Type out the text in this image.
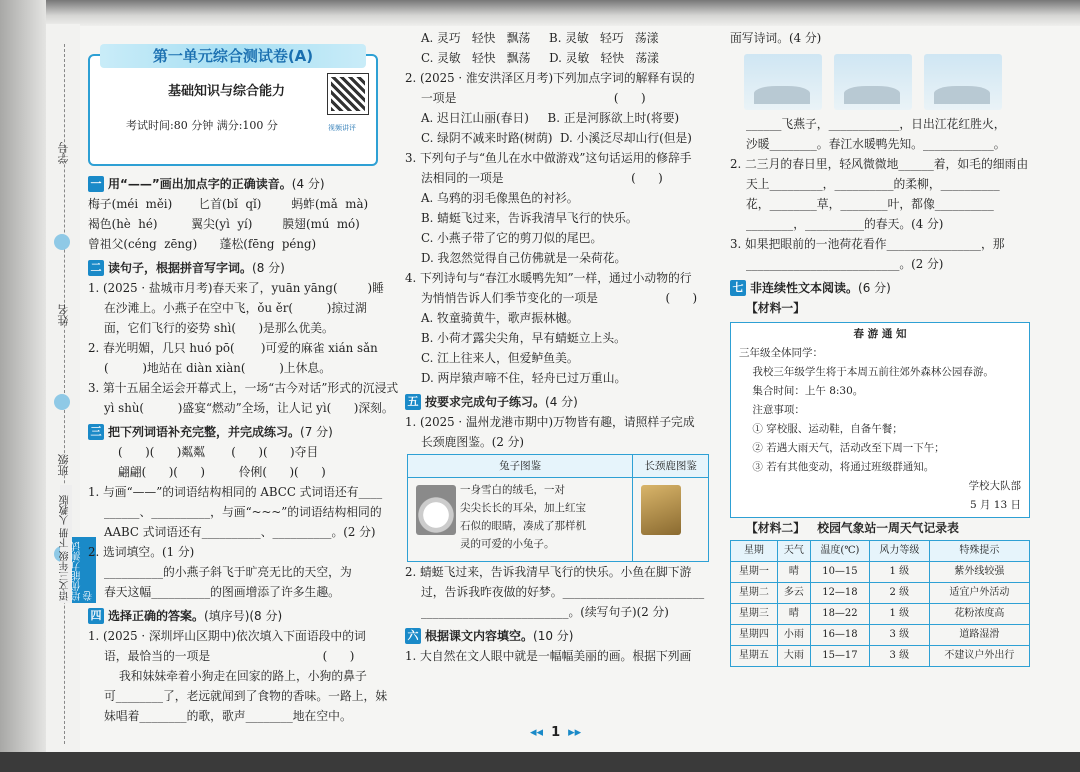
学号
姓名
班级
语文三年级 下册 人教版 培优能力测试卷
第一单元综合测试卷(A)
基础知识与综合能力
考试时间:80 分钟 满分:100 分	视频讲评
一 用“——”画出加点字的正确读音。 (4 分)
梅子(méi  měi)       匕首(bǐ  qǐ)        蚂蚱(mǎ  mà)
褐色(hè  hé)         翼尖(yì  yí)        膜翅(mú  mó)
曾祖父(céng  zēng)      蓬松(fēng  péng)
二 读句子，根据拼音写字词。 (8 分)
1. (2025 · 盐城市月考)春天来了，yuān yāng(        )睡
在沙滩上。小燕子在空中飞，ǒu ěr(         )掠过湖
面，它们飞行的姿势 shì(      )是那么优美。
2. 春光明媚，几只 huó pō(       )可爱的麻雀 xián sǎn
(         )地站在 diàn xiàn(         )上休息。
3. 第十五届全运会开幕式上，一场“古今对话”形式的沉浸式
yì shù(         )盛宴“燃动”全场，让人记 yì(      )深刻。
三 把下列词语补充完整，并完成练习。 (7 分)
(      )(      )粼粼       (      )(      )夺目
翩翩(      )(      )         伶俐(      )(      )
1. 与画“——”的词语结构相同的 ABCC 式词语还有____
______、__________，与画“~~~”的词语结构相同的
AABC 式词语还有__________、__________。(2 分)
2. 选词填空。(1 分)
__________的小燕子斜飞于旷亮无比的天空，为
春天这幅__________的图画增添了许多生趣。
四 选择正确的答案。 (填序号)(8 分)
1. (2025 · 深圳坪山区期中)依次填入下面语段中的词
语，最恰当的一项是                              (      )
我和妹妹牵着小狗走在回家的路上，小狗的鼻子
可________了，老远就闻到了食物的香味。一路上，妹
妹唱着________的歌，歌声________地在空中。
A. 灵巧   轻快   飘荡     B. 灵敏   轻巧   荡漾
C. 灵敏   轻快   飘荡     D. 灵敏   轻快   荡漾
2. (2025 · 淮安洪泽区月考)下列加点字词的解释有误的
一项是                                          (      )
A. 迟日江山丽(春日)     B. 正是河豚欲上时(将要)
C. 绿阴不减来时路(树荫)  D. 小溪泛尽却山行(但是)
3. 下列句子与“鱼儿在水中做游戏”这句话运用的修辞手
法相同的一项是                                  (      )
A. 乌鸦的羽毛像黑色的衬衫。
B. 蜻蜓飞过来，告诉我清早飞行的快乐。
C. 小燕子带了它的剪刀似的尾巴。
D. 我忽然觉得自己仿佛就是一朵荷花。
4. 下列诗句与“春江水暖鸭先知”一样，通过小动物的行
为悄悄告诉人们季节变化的一项是                  (      )
A. 牧童骑黄牛，歌声振林樾。
B. 小荷才露尖尖角，早有蜻蜓立上头。
C. 江上往来人，但爱鲈鱼美。
D. 两岸猿声啼不住，轻舟已过万重山。
五 按要求完成句子练习。 (4 分)
1. (2025 · 温州龙港市期中)万物皆有趣，请照样子完成
长颈鹿图鉴。(2 分)
兔子图鉴	长颈鹿图鉴

一身雪白的绒毛，一对
尖尖长长的耳朵，加上红宝
石似的眼睛，凑成了那样机
灵的可爱的小兔子。	

2. 蜻蜓飞过来，告诉我清早飞行的快乐。小鱼在脚下游
过，告诉我昨夜做的好梦。________________________
_________________________。(续写句子)(2 分)
六 根据课文内容填空。 (10 分)
1. 大自然在文人眼中就是一幅幅美丽的画。根据下列画
面写诗词。(4 分)
______飞燕子，____________，日出江花红胜火，
沙暖________。春江水暖鸭先知。____________。
2. 二三月的春日里，轻风微微地______着，如毛的细雨由
天上_________，__________的柔柳，__________
花，________草，________叶，都像__________
________，__________的春天。(4 分)
3. 如果把眼前的一池荷花看作________________，那
__________________________。(2 分)
七 非连续性文本阅读。 (6 分)
【材料一】
春 游 通 知
三年级全体同学：
我校三年级学生将于本周五前往郊外森林公园春游。
集合时间：上午 8:30。
注意事项：
① 穿校服、运动鞋，自备午餐；
② 若遇大雨天气，活动改至下周一下午；
③ 若有其他变动，将通过班级群通知。
学校大队部
5 月 13 日
【材料二】   校园气象站一周天气记录表
星期	天气	温度(℃)	风力等级	特殊提示
星期一	晴	10—15	1 级	紫外线较强
星期二	多云	12—18	2 级	适宜户外活动
星期三	晴	18—22	1 级	花粉浓度高
星期四	小雨	16—18	3 级	道路湿滑
星期五	大雨	15—17	3 级	不建议户外出行
◂◂ 1 ▸▸
